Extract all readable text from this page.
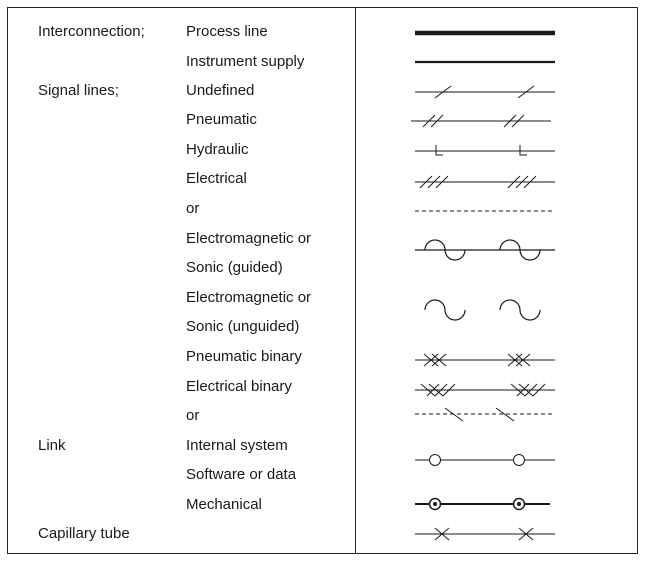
Interconnection;
Signal lines;
Link
Capillary tube
Process line
Instrument supply
Undefined
Pneumatic
Hydraulic
Electrical
or
Electromagnetic or
Sonic (guided)
Electromagnetic or
Sonic (unguided)
Pneumatic binary
Electrical binary
or
Internal system
Software or data
Mechanical
